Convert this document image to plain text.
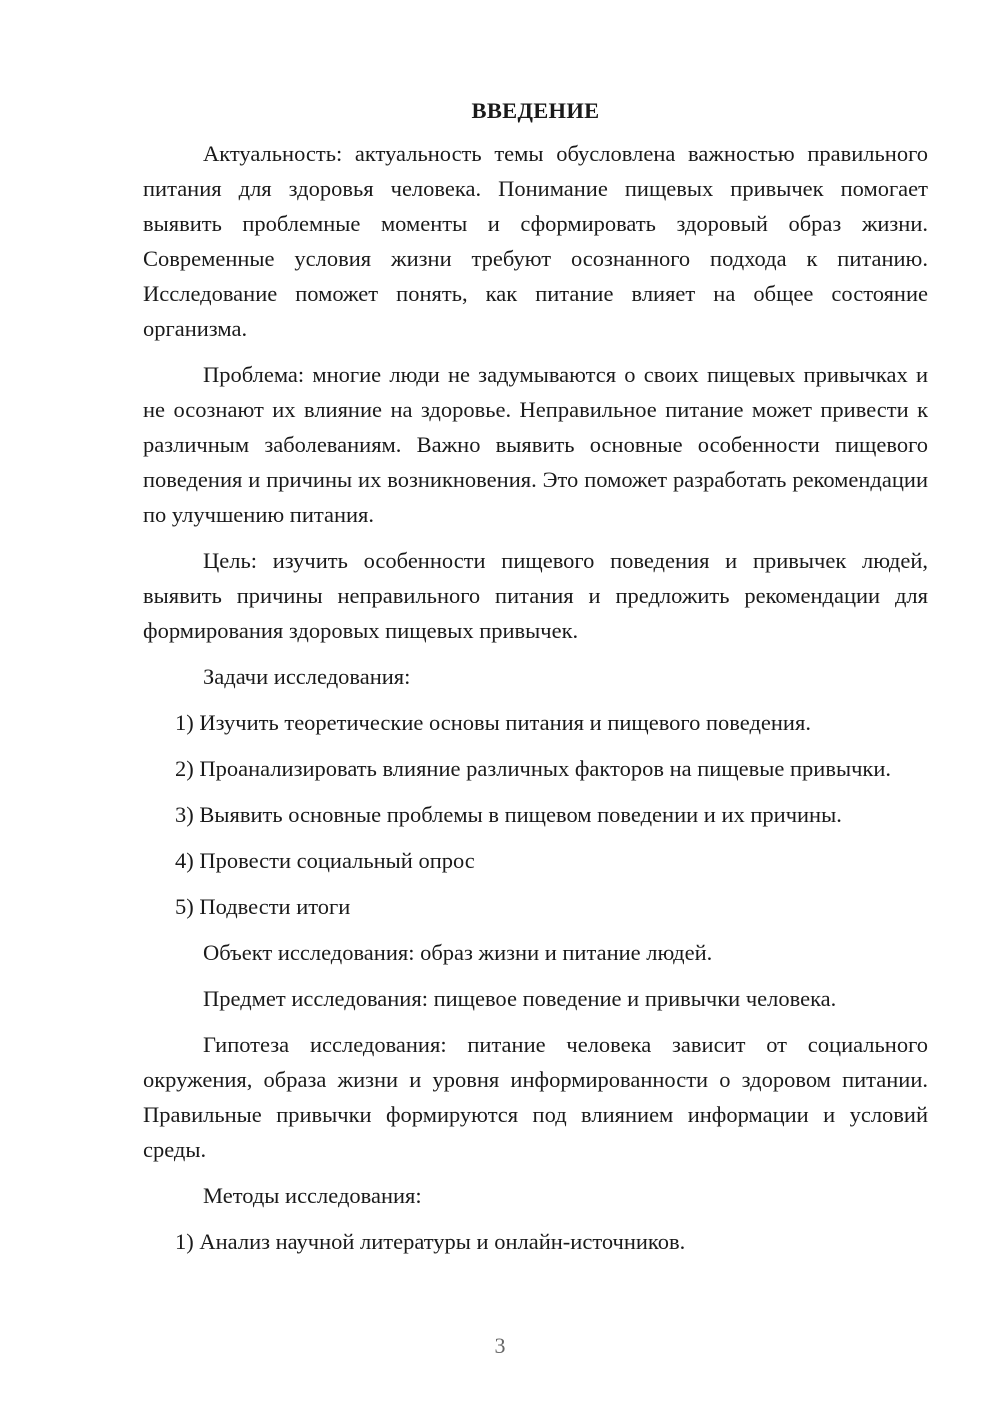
ВВЕДЕНИЕ

Актуальность: актуальность темы обусловлена важностью правильного питания для здоровья человека. Понимание пищевых привычек помогает выявить проблемные моменты и сформировать здоровый образ жизни. Современные условия жизни требуют осознанного подхода к питанию. Исследование поможет понять, как питание влияет на общее состояние организма.

Проблема: многие люди не задумываются о своих пищевых привычках и не осознают их влияние на здоровье. Неправильное питание может привести к различным заболеваниям. Важно выявить основные особенности пищевого поведения и причины их возникновения. Это поможет разработать рекомендации по улучшению питания.

Цель: изучить особенности пищевого поведения и привычек людей, выявить причины неправильного питания и предложить рекомендации для формирования здоровых пищевых привычек.

Задачи исследования:

1) Изучить теоретические основы питания и пищевого поведения.

2) Проанализировать влияние различных факторов на пищевые привычки.

3) Выявить основные проблемы в пищевом поведении и их причины.

4) Провести социальный опрос

5) Подвести итоги

Объект исследования: образ жизни и питание людей.

Предмет исследования: пищевое поведение и привычки человека.

Гипотеза исследования: питание человека зависит от социального окружения, образа жизни и уровня информированности о здоровом питании. Правильные привычки формируются под влиянием информации и условий среды.

Методы исследования:

1) Анализ научной литературы и онлайн-источников.

3
